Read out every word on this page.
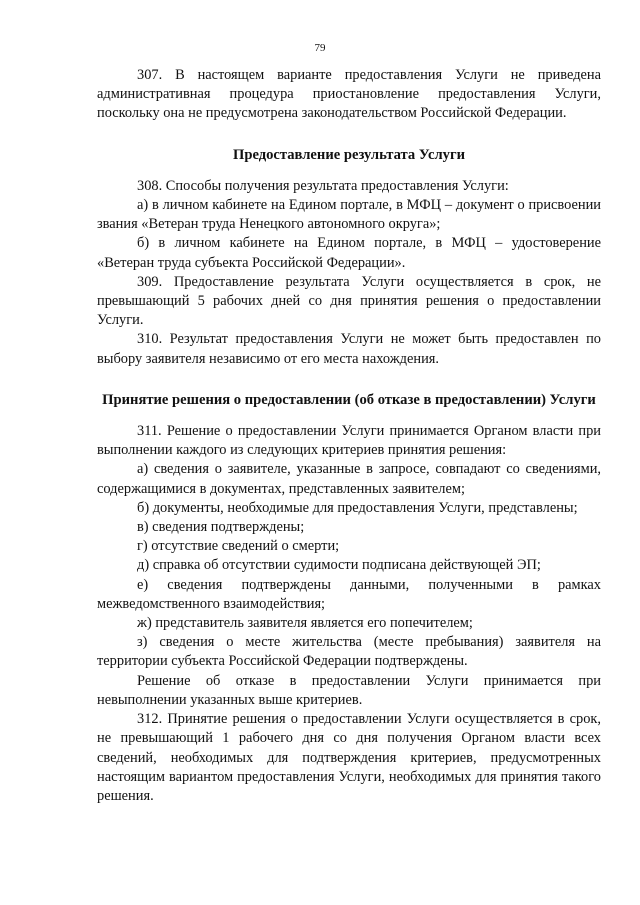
79

307. В настоящем варианте предоставления Услуги не приведена административная процедура приостановление предоставления Услуги, поскольку она не предусмотрена законодательством Российской Федерации.

Предоставление результата Услуги

308. Способы получения результата предоставления Услуги:

а) в личном кабинете на Едином портале, в МФЦ – документ о присвоении звания «Ветеран труда Ненецкого автономного округа»;

б) в личном кабинете на Едином портале, в МФЦ – удостоверение «Ветеран труда субъекта Российской Федерации».

309. Предоставление результата Услуги осуществляется в срок, не превышающий 5 рабочих дней со дня принятия решения о предоставлении Услуги.

310. Результат предоставления Услуги не может быть предоставлен по выбору заявителя независимо от его места нахождения.

Принятие решения о предоставлении (об отказе в предоставлении) Услуги

311. Решение о предоставлении Услуги принимается Органом власти при выполнении каждого из следующих критериев принятия решения:

а) сведения о заявителе, указанные в запросе, совпадают со сведениями, содержащимися в документах, представленных заявителем;

б) документы, необходимые для предоставления Услуги, представлены;

в) сведения подтверждены;

г) отсутствие сведений о смерти;

д) справка об отсутствии судимости подписана действующей ЭП;

е) сведения подтверждены данными, полученными в рамках межведомственного взаимодействия;

ж) представитель заявителя является его попечителем;

з) сведения о месте жительства (месте пребывания) заявителя на территории субъекта Российской Федерации подтверждены.

Решение об отказе в предоставлении Услуги принимается при невыполнении указанных выше критериев.

312. Принятие решения о предоставлении Услуги осуществляется в срок, не превышающий 1 рабочего дня со дня получения Органом власти всех сведений, необходимых для подтверждения критериев, предусмотренных настоящим вариантом предоставления Услуги, необходимых для принятия такого решения.
